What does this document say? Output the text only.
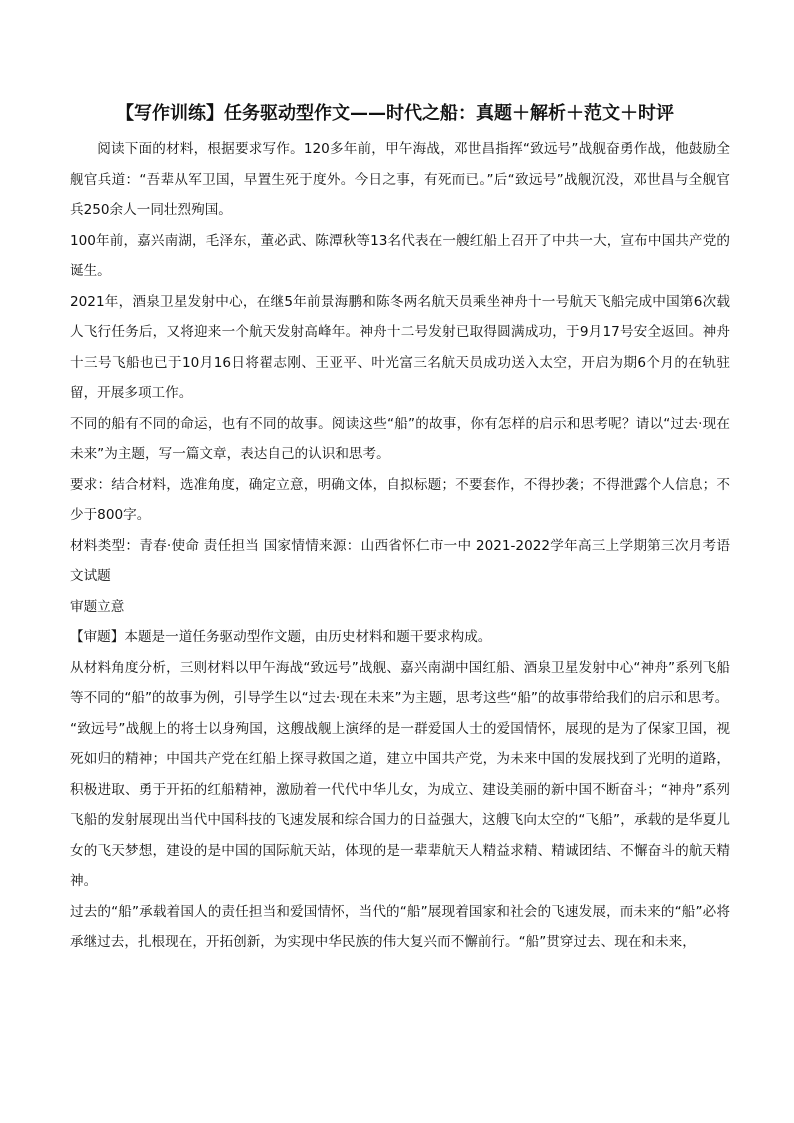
【写作训练】任务驱动型作文——时代之船：真题＋解析＋范文＋时评

阅读下面的材料，根据要求写作。120多年前，甲午海战，邓世昌指挥“致远号”战舰奋勇作战，他鼓励全舰官兵道：“吾辈从军卫国，早置生死于度外。今日之事，有死而已。”后“致远号”战舰沉没，邓世昌与全舰官兵250余人一同壮烈殉国。

100年前，嘉兴南湖，毛泽东，董必武、陈潭秋等13名代表在一艘红船上召开了中共一大，宣布中国共产党的诞生。

2021年，酒泉卫星发射中心，在继5年前景海鹏和陈冬两名航天员乘坐神舟十一号航天飞船完成中国第6次载人飞行任务后，又将迎来一个航天发射高峰年。神舟十二号发射已取得圆满成功，于9月17号安全返回。神舟十三号飞船也已于10月16日将翟志刚、王亚平、叶光富三名航天员成功送入太空，开启为期6个月的在轨驻留，开展多项工作。

不同的船有不同的命运，也有不同的故事。阅读这些“船”的故事，你有怎样的启示和思考呢？请以“过去·现在未来”为主题，写一篇文章，表达自己的认识和思考。

要求：结合材料，选准角度，确定立意，明确文体，自拟标题；不要套作，不得抄袭；不得泄露个人信息；不少于800字。

材料类型：青春·使命 责任担当 国家情情来源：山西省怀仁市一中 2021-2022学年高三上学期第三次月考语文试题

审题立意

【审题】本题是一道任务驱动型作文题，由历史材料和题干要求构成。

从材料角度分析，三则材料以甲午海战“致远号”战舰、嘉兴南湖中国红船、酒泉卫星发射中心“神舟”系列飞船等不同的“船”的故事为例，引导学生以“过去·现在未来”为主题，思考这些“船”的故事带给我们的启示和思考。

“致远号”战舰上的将士以身殉国，这艘战舰上演绎的是一群爱国人士的爱国情怀，展现的是为了保家卫国，视死如归的精神；中国共产党在红船上探寻救国之道，建立中国共产党，为未来中国的发展找到了光明的道路，积极进取、勇于开拓的红船精神，激励着一代代中华儿女，为成立、建设美丽的新中国不断奋斗；“神舟”系列飞船的发射展现出当代中国科技的飞速发展和综合国力的日益强大，这艘飞向太空的“飞船”，承载的是华夏儿女的飞天梦想，建设的是中国的国际航天站，体现的是一辈辈航天人精益求精、精诚团结、不懈奋斗的航天精神。

过去的“船”承载着国人的责任担当和爱国情怀，当代的“船”展现着国家和社会的飞速发展，而未来的“船”必将承继过去，扎根现在，开拓创新，为实现中华民族的伟大复兴而不懈前行。“船”贯穿过去、现在和未来，
